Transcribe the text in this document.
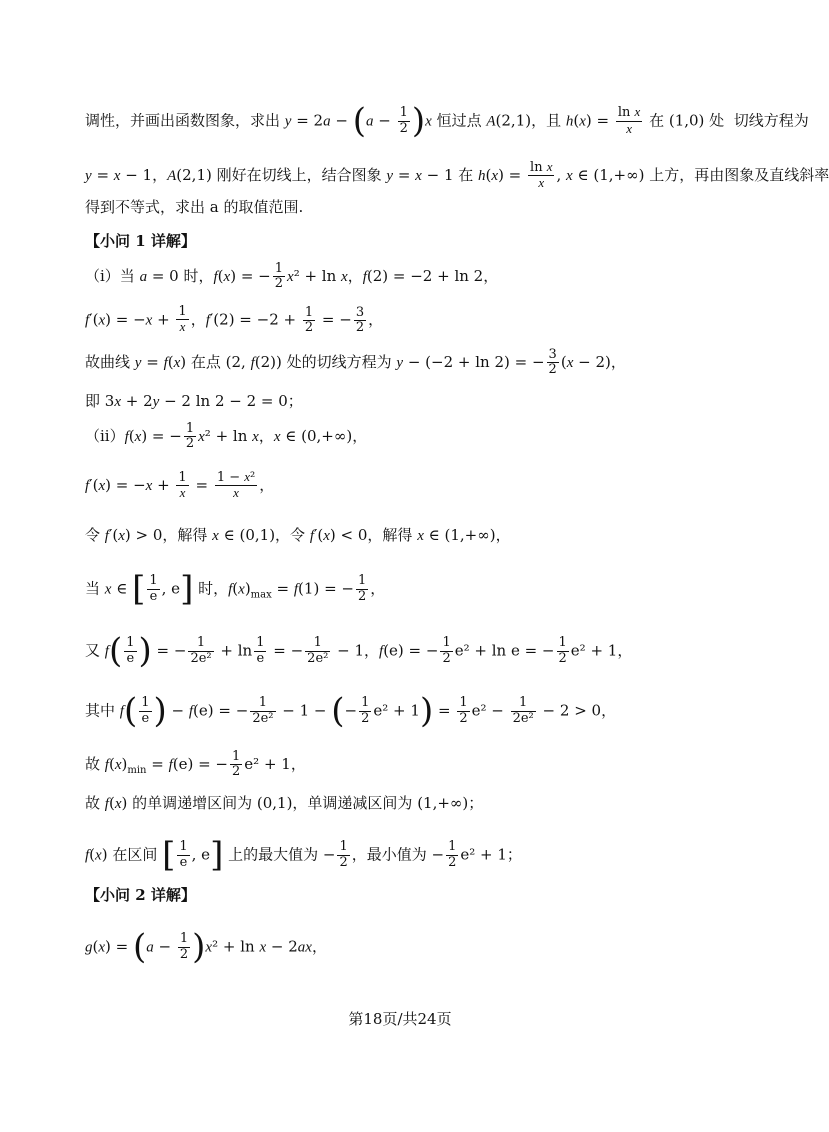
调性，并画出函数图象，求出 $y = 2a - (a - \frac{1}{2} )x$ 恒过点 A(2,1)，且 $h(x) = \frac{\text{ln x}}{x}$ 在 (1,0) 处  切线方程为
y = x − 1，A(2,1) 刚好在切线上，结合图象 y = x − 1 在 $h(x) = \frac{\text{ln x}}{x}$ , x ∈ (1,+∞) 上方，再由图象及直线斜率
得到不等式，求出 a 的取值范围.
【小问 1 详解】
（i）当 a = 0 时，f(x) = − $\frac{1}{2} x^2 + \ln x$，f(2) = −2 + ln 2，
$f'(x) = -x + \frac{1}{x}$ ，$f'(2) = -2 + \frac{1}{2}$ = − $\frac{3}{2}$ ，
故曲线 y = f(x) 在点 (2, f(2)) 处的切线方程为 y − (−2 + ln 2) = − $\frac{3}{2} (x - 2)$，
即 3x + 2y − 2 ln 2 − 2 = 0；
（ii）f(x) = − $\frac{1}{2} x^2 + \ln x$，x ∈ (0,+∞)，
$f'(x) = -x + \frac{1}{x} = \frac{\text{1 − x²}}{x}$ ，
令 f′(x) > 0，解得 x ∈ (0,1)，令 f′(x) < 0，解得 x ∈ (1,+∞)，
当 x ∈ [ $\frac{1}{e}$ , e] 时，$f(x)_{max} = f(1)$ = − $\frac{1}{2}$ ，
又 $f( \frac{1}{e}$ ) = − $\frac{1}{\text{2e²}} + \ln \frac{1}{e}$ = − $\frac{1}{\text{2e²}} - 1$，f(e) = − $\frac{1}{2} e^2 + \ln e$ = − $\frac{1}{2} e^2 + 1$，
其中 $f( \frac{1}{e}$ ) − f(e) = − $\frac{1}{\text{2e²}} - 1$ − (− $\frac{1}{2} e^2 + 1) = \frac{1}{2} e^2 - \frac{1}{\text{2e²}} - 2 > 0$，
故 $f(x)_{min} = f(e)$ = − $\frac{1}{2} e^2 + 1$，
故 f(x) 的单调递增区间为 (0,1)，单调递减区间为 (1,+∞)；
f(x) 在区间 [ $\frac{1}{e}$ , e] 上的最大值为 − $\frac{1}{2}$ ，最小值为 − $\frac{1}{2} e^2 + 1$；
【小问 2 详解】
$g(x) = (a - \frac{1}{2} )x^2 + \ln x - 2ax$，
第18页/共24页
